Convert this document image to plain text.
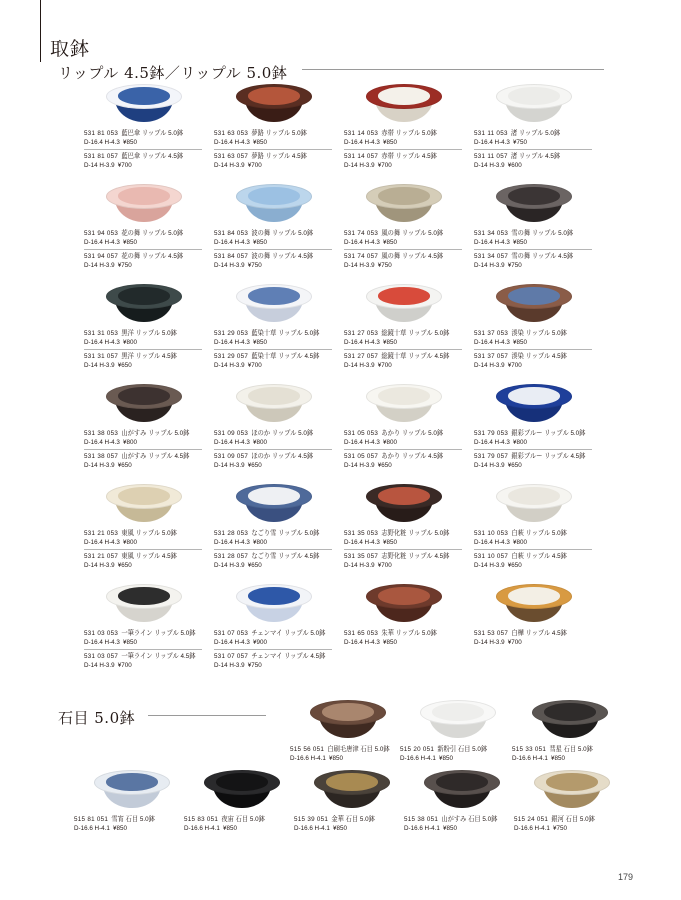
取鉢
リップル 4.5鉢／リップル 5.0鉢
531 81 053  藍巴傘 リップル 5.0鉢
D-16.4 H-4.3  ¥850
531 81 057  藍巴傘 リップル 4.5鉢
D-14 H-3.9  ¥700
531 63 053  夢路 リップル 5.0鉢
D-16.4 H-4.3  ¥850
531 63 057  夢路 リップル 4.5鉢
D-14 H-3.9  ¥700
531 14 053  赤帯 リップル 5.0鉢
D-16.4 H-4.3  ¥850
531 14 057  赤帯 リップル 4.5鉢
D-14 H-3.9  ¥700
531 11 053  渚 リップル 5.0鉢
D-16.4 H-4.3  ¥750
531 11 057  渚 リップル 4.5鉢
D-14 H-3.9  ¥600
531 94 053  花の舞 リップル 5.0鉢
D-16.4 H-4.3  ¥850
531 94 057  花の舞 リップル 4.5鉢
D-14 H-3.9  ¥750
531 84 053  波の舞 リップル 5.0鉢
D-16.4 H-4.3  ¥850
531 84 057  波の舞 リップル 4.5鉢
D-14 H-3.9  ¥750
531 74 053  風の舞 リップル 5.0鉢
D-16.4 H-4.3  ¥850
531 74 057  風の舞 リップル 4.5鉢
D-14 H-3.9  ¥750
531 34 053  雪の舞 リップル 5.0鉢
D-16.4 H-4.3  ¥850
531 34 057  雪の舞 リップル 4.5鉢
D-14 H-3.9  ¥750
531 31 053  黒洋 リップル 5.0鉢
D-16.4 H-4.3  ¥800
531 31 057  黒洋 リップル 4.5鉢
D-14 H-3.9  ¥650
531 29 053  藍染十草 リップル 5.0鉢
D-16.4 H-4.3  ¥850
531 29 057  藍染十草 リップル 4.5鉢
D-14 H-3.9  ¥700
531 27 053  総鏡十草 リップル 5.0鉢
D-16.4 H-4.3  ¥850
531 27 057  総鏡十草 リップル 4.5鉢
D-14 H-3.9  ¥700
531 37 053  湊染 リップル 5.0鉢
D-16.4 H-4.3  ¥850
531 37 057  湊染 リップル 4.5鉢
D-14 H-3.9  ¥700
531 38 053  山がすみ リップル 5.0鉢
D-16.4 H-4.3  ¥800
531 38 057  山がすみ リップル 4.5鉢
D-14 H-3.9  ¥650
531 09 053  ほのか リップル 5.0鉢
D-16.4 H-4.3  ¥800
531 09 057  ほのか リップル 4.5鉢
D-14 H-3.9  ¥650
531 05 053  あかり リップル 5.0鉢
D-16.4 H-4.3  ¥800
531 05 057  あかり リップル 4.5鉢
D-14 H-3.9  ¥650
531 79 053  銀彩ブルー リップル 5.0鉢
D-16.4 H-4.3  ¥800
531 79 057  銀彩ブルー リップル 4.5鉢
D-14 H-3.9  ¥650
531 21 053  東風 リップル 5.0鉢
D-16.4 H-4.3  ¥800
531 21 057  東風 リップル 4.5鉢
D-14 H-3.9  ¥650
531 28 053  なごり雪 リップル 5.0鉢
D-16.4 H-4.3  ¥800
531 28 057  なごり雪 リップル 4.5鉢
D-14 H-3.9  ¥650
531 35 053  志野化粧 リップル 5.0鉢
D-16.4 H-4.3  ¥850
531 35 057  志野化粧 リップル 4.5鉢
D-14 H-3.9  ¥700
531 10 053  白萩 リップル 5.0鉢
D-16.4 H-4.3  ¥800
531 10 057  白萩 リップル 4.5鉢
D-14 H-3.9  ¥650
531 03 053  一筆ライン リップル 5.0鉢
D-16.4 H-4.3  ¥850
531 03 057  一筆ライン リップル 4.5鉢
D-14 H-3.9  ¥700
531 07 053  チェンマイ リップル 5.0鉢
D-16.4 H-4.3  ¥900
531 07 057  チェンマイ リップル 4.5鉢
D-14 H-3.9  ¥750
531 65 053  朱華 リップル 5.0鉢
D-16.4 H-4.3  ¥850
531 53 057  白樺 リップル 4.5鉢
D-14 H-3.9  ¥700
石目 5.0鉢
515 56 051  白刷毛唐津 石目 5.0鉢
D-16.6 H-4.1  ¥850
515 20 051  新粉引 石目 5.0鉢
D-16.6 H-4.1  ¥850
515 33 051  彗星 石目 5.0鉢
D-16.6 H-4.1  ¥850
515 81 051  雪宵 石目 5.0鉢
D-16.6 H-4.1  ¥850
515 83 051  夜宙 石目 5.0鉢
D-16.6 H-4.1  ¥850
515 39 051  金華 石目 5.0鉢
D-16.6 H-4.1  ¥850
515 38 051  山がすみ 石目 5.0鉢
D-16.6 H-4.1  ¥850
515 24 051  銀河 石目 5.0鉢
D-16.6 H-4.1  ¥750
179
